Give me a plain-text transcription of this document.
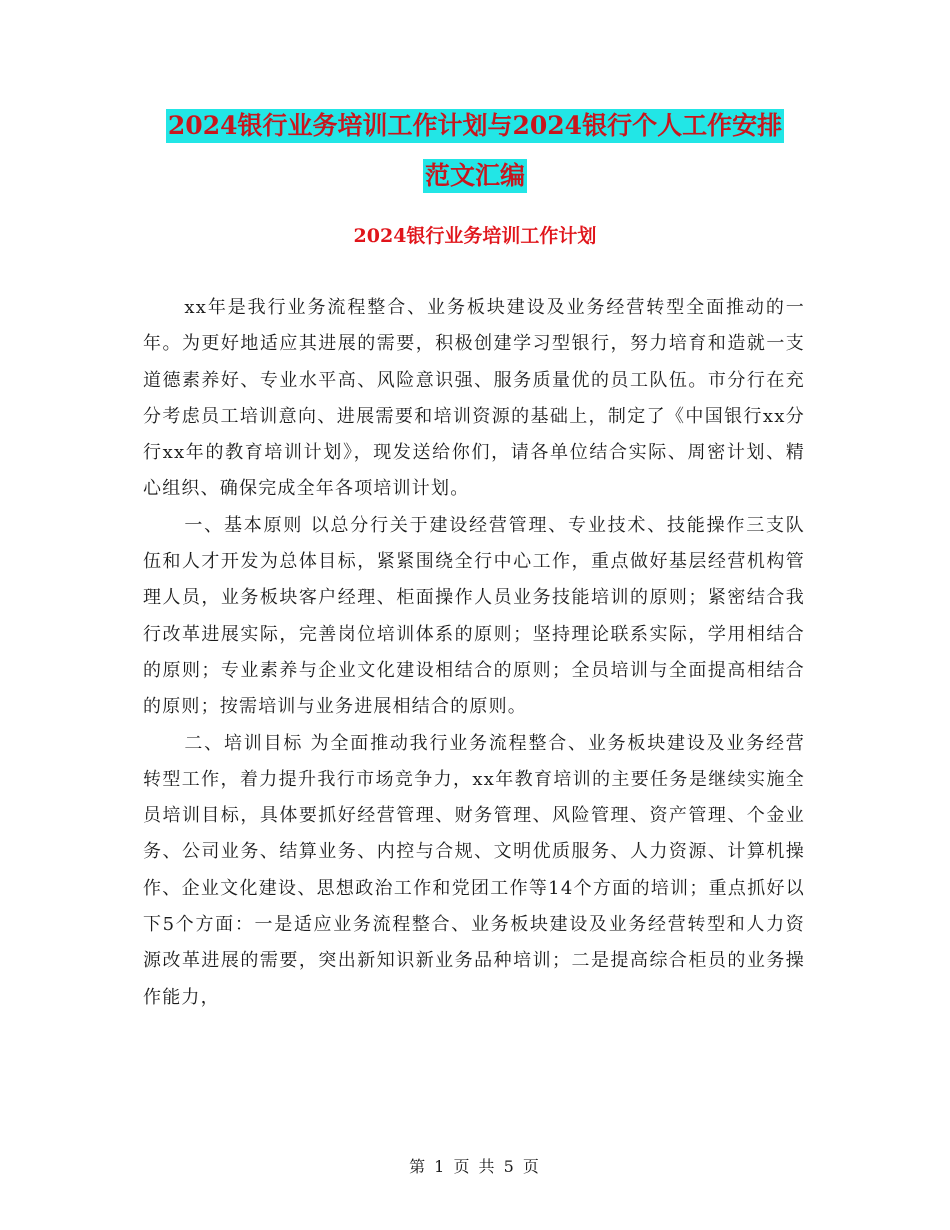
2024银行业务培训工作计划与2024银行个人工作安排
范文汇编
2024银行业务培训工作计划

xx年是我行业务流程整合、业务板块建设及业务经营转型全面推动的一年。为更好地适应其进展的需要，积极创建学习型银行，努力培育和造就一支道德素养好、专业水平高、风险意识强、服务质量优的员工队伍。市分行在充分考虑员工培训意向、进展需要和培训资源的基础上，制定了《中国银行xx分行xx年的教育培训计划》，现发送给你们，请各单位结合实际、周密计划、精心组织、确保完成全年各项培训计划。

一、基本原则 以总分行关于建设经营管理、专业技术、技能操作三支队伍和人才开发为总体目标，紧紧围绕全行中心工作，重点做好基层经营机构管理人员，业务板块客户经理、柜面操作人员业务技能培训的原则；紧密结合我行改革进展实际，完善岗位培训体系的原则；坚持理论联系实际，学用相结合的原则；专业素养与企业文化建设相结合的原则；全员培训与全面提高相结合的原则；按需培训与业务进展相结合的原则。

二、培训目标 为全面推动我行业务流程整合、业务板块建设及业务经营转型工作，着力提升我行市场竞争力，xx年教育培训的主要任务是继续实施全员培训目标，具体要抓好经营管理、财务管理、风险管理、资产管理、个金业务、公司业务、结算业务、内控与合规、文明优质服务、人力资源、计算机操作、企业文化建设、思想政治工作和党团工作等14个方面的培训；重点抓好以下5个方面：一是适应业务流程整合、业务板块建设及业务经营转型和人力资源改革进展的需要，突出新知识新业务品种培训；二是提高综合柜员的业务操作能力，

第 1 页 共 5 页
